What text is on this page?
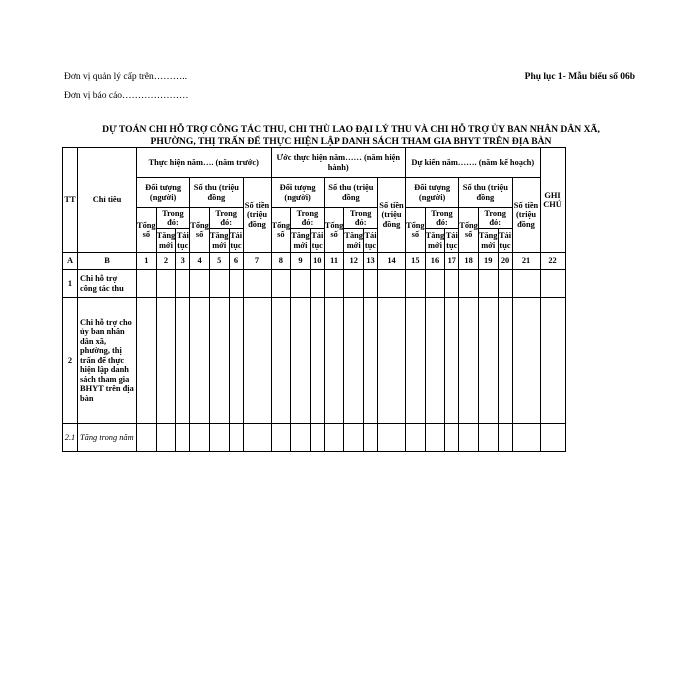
Đơn vị quản lý cấp trên………..
Đơn vị báo cáo…………………
Phụ lục 1- Mẫu biểu số 06b
DỰ TOÁN CHI HỖ TRỢ CÔNG TÁC THU, CHI THÙ LAO ĐẠI LÝ THU VÀ CHI HỖ TRỢ ỦY BAN NHÂN DÂN XÃ,
PHƯỜNG, THỊ TRẤN ĐỂ THỰC HIỆN LẬP DANH SÁCH THAM GIA BHYT TRÊN ĐỊA BÀN
TT	Chỉ tiêu	Thực hiện năm…. (năm trước)							Ước thực hiện năm…… (năm hiện hành)							Dự kiến năm……. (năm kế hoạch)							GHI CHÚ
		Đối tượng (người)			Số thu (triệu đồng			Số tiền (triệu đồng	Đối tượng (người)			Số thu (triệu đồng			Số tiền (triệu đồng	Đối tượng (người)			Số thu (triệu đồng			Số tiền (triệu đồng	
		Tổng số	Trong đó:		Tổng số	Trong đó:			Tổng số	Trong đó:		Tổng số	Trong đó:			Tổng số	Trong đó:		Tổng số	Trong đó:			
			Tăng mới	Tái tục		Tăng mới	Tái tục			Tăng mới	Tái tục		Tăng mới	Tái tục			Tăng mới	Tái tục		Tăng mới	Tái tục		
A	B	1	2	3	4	5	6	7	8	9	10	11	12	13	14	15	16	17	18	19	20	21	22
1	Chi hỗ trợ công tác thu																						
2	Chi hỗ trợ cho ủy ban nhân dân xã, phường, thị trấn để thực hiện lập danh sách tham gia BHYT trên địa bàn																						
2.1	Tăng trong năm																						
